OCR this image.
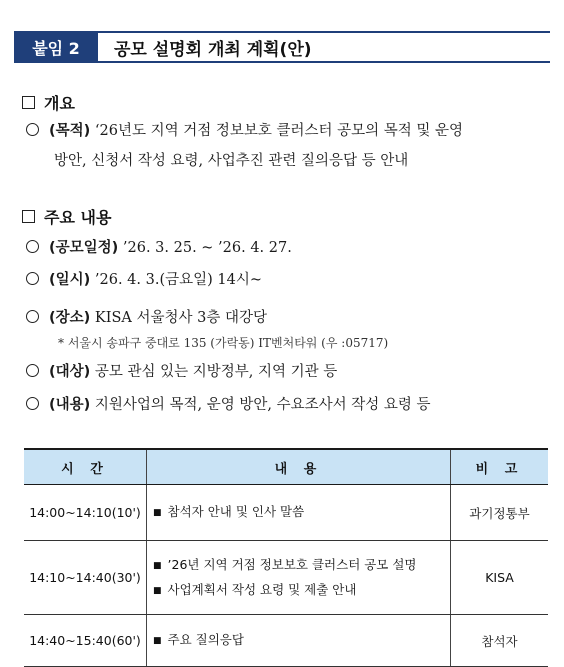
붙임 2	공모 설명회 개최 계획(안)
개요
(목적) ‘26년도 지역 거점 정보보호 클러스터 공모의 목적 및 운영
방안, 신청서 작성 요령, 사업추진 관련 질의응답 등 안내
주요 내용
(공모일정) ’26. 3. 25. ~ ’26. 4. 27.
(일시) ’26. 4. 3.(금요일) 14시~
(장소) KISA 서울청사 3층 대강당
* 서울시 송파구 중대로 135 (가락동) IT벤처타워 (우 :05717)
(대상) 공모 관심 있는 지방정부, 지역 기관 등
(내용) 지원사업의 목적, 운영 방안, 수요조사서 작성 요령 등
시 간	내 용	비 고
14:00~14:10(10')	■ 참석자 안내 및 인사 말씀	과기정통부
14:10~14:40(30')	■ ’26년 지역 거점 정보보호 클러스터 공모 설명
■ 사업계획서 작성 요령 및 제출 안내	KISA
14:40~15:40(60')	■ 주요 질의응답	참석자
